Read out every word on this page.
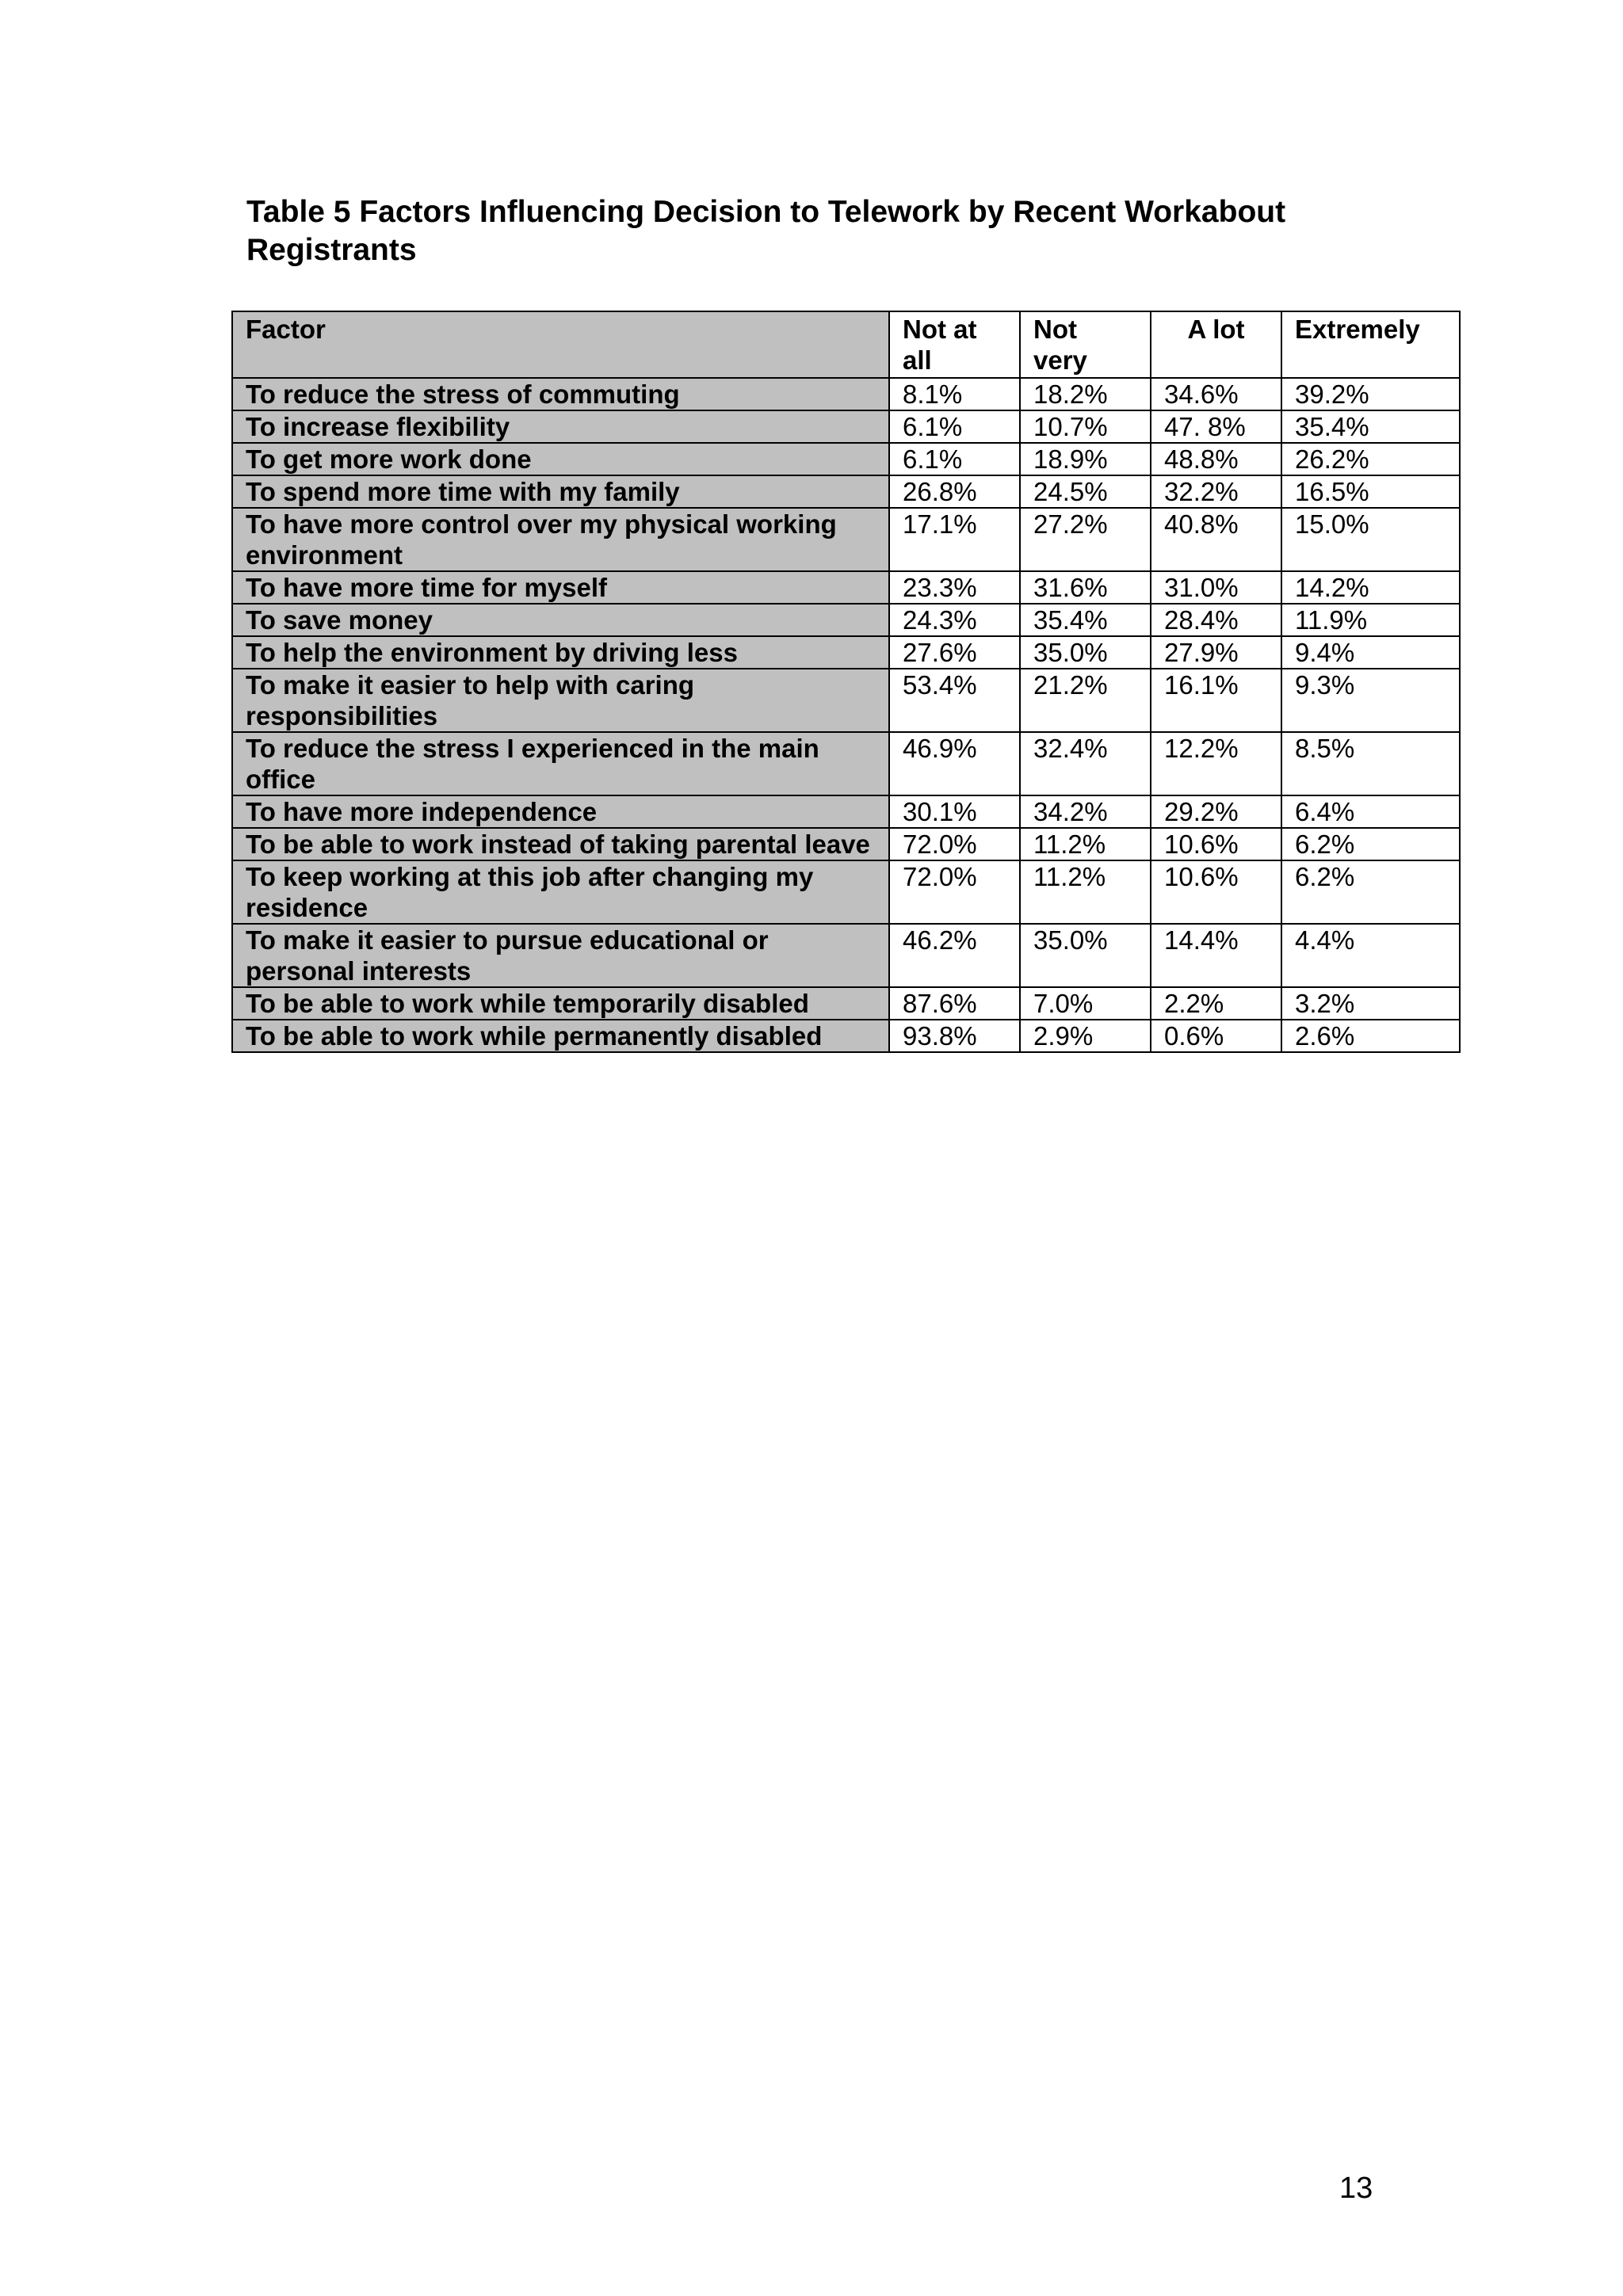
Table 5 Factors Influencing Decision to Telework by Recent Workabout Registrants
Factor	Not at all	Not very	A lot	Extremely
To reduce the stress of commuting	8.1%	18.2%	34.6%	39.2%
To increase flexibility	6.1%	10.7%	47. 8%	35.4%
To get more work done	6.1%	18.9%	48.8%	26.2%
To spend more time with my family	26.8%	24.5%	32.2%	16.5%
To have more control over my physical working environment	17.1%	27.2%	40.8%	15.0%
To have more time for myself	23.3%	31.6%	31.0%	14.2%
To save money	24.3%	35.4%	28.4%	11.9%
To help the environment by driving less	27.6%	35.0%	27.9%	9.4%
To make it easier to help with caring responsibilities	53.4%	21.2%	16.1%	9.3%
To reduce the stress I experienced in the main office	46.9%	32.4%	12.2%	8.5%
To have more independence	30.1%	34.2%	29.2%	6.4%
To be able to work instead of taking parental leave	72.0%	11.2%	10.6%	6.2%
To keep working at this job after changing my residence	72.0%	11.2%	10.6%	6.2%
To make it easier to pursue educational or personal interests	46.2%	35.0%	14.4%	4.4%
To be able to work while temporarily disabled	87.6%	7.0%	2.2%	3.2%
To be able to work while permanently disabled	93.8%	2.9%	0.6%	2.6%
13
